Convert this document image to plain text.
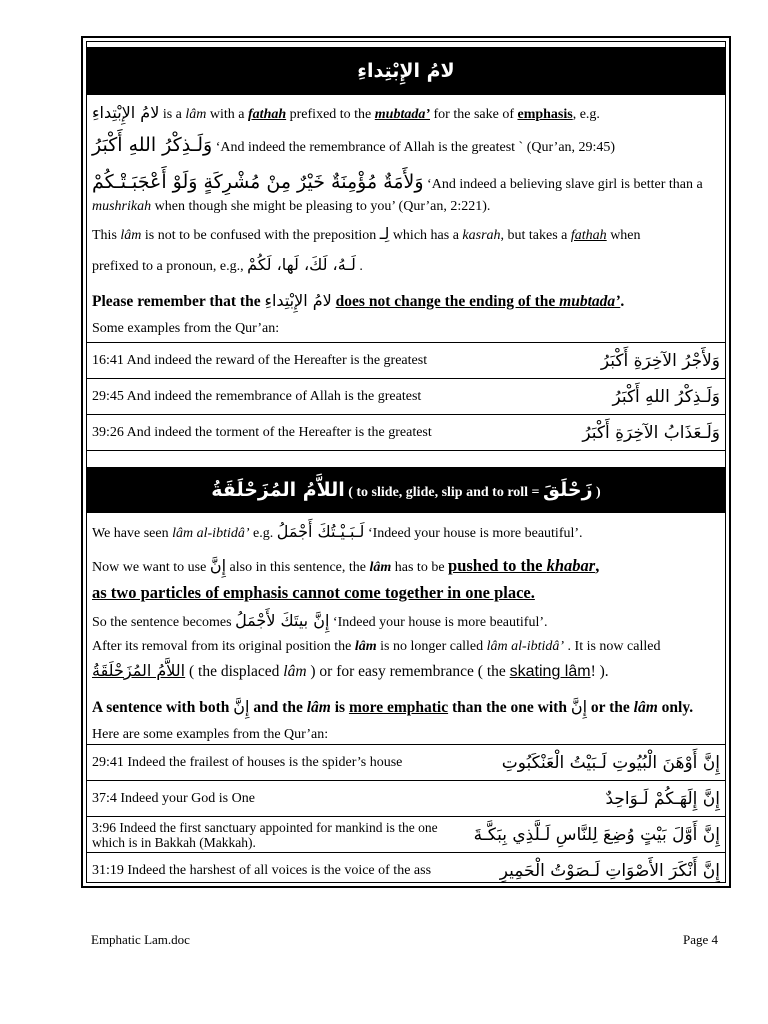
لامُ الإِبْتِداءِ
لامُ الإِبْتِداءِ is a lâm with a fathah prefixed to the mubtada’ for the sake of emphasis, e.g.
وَلَـذِكْرُ اللهِ أَكْبَرُ ‘And indeed the remembrance of Allah is the greatest ` (Qur’an, 29:45)
وَلأَمَةٌ مُؤْمِنَةٌ خَيْرٌ مِنْ مُشْرِكَةٍ وَلَوْ أَعْجَبَـتْـكُمْ ‘And indeed a believing slave girl is better than a
mushrikah when though she might be pleasing to you’ (Qur’an, 2:221).
This lâm is not to be confused with the preposition لِـ which has a kasrah, but takes a fathah when
prefixed to a pronoun, e.g., لَـهُ، لَكَ، لَها، لَكُمْ .
Please remember that the لامُ الإِبْتِداءِ does not change the ending of the mubtada’.
Some examples from the Qur’an:
16:41 And indeed the reward of the Hereafter is the greatest	وَلأَجْرُ الآخِرَةِ أَكْبَرُ
29:45 And indeed the remembrance of Allah is the greatest	وَلَـذِكْرُ اللهِ أَكْبَرُ
39:26 And indeed the torment of the Hereafter is the greatest	وَلَـعَذَابُ الآخِرَةِ أَكْبَرُ
اللاَّمُ المُزَحْلَقَةُ ( to slide, glide, slip and to roll = زَحْلَقَ )
We have seen lâm al-ibtidâ’ e.g. لَـبَـيْـتُكَ أَجْمَلُ ‘Indeed your house is more beautiful’.
Now we want to use إِنَّ also in this sentence, the lâm has to be pushed to the khabar,
as two particles of emphasis cannot come together in one place.
So the sentence becomes إِنَّ بيتَكَ لأَجْمَلُ ‘Indeed your house is more beautiful’.
After its removal from its original position the lâm is no longer called lâm al-ibtidâ’ . It is now called
اللاَّمُ المُزَحْلَقَةُ ( the displaced lâm ) or for easy remembrance ( the skating lâm! ).
A sentence with both إِنَّ and the lâm is more emphatic than the one with إِنَّ or the lâm only.
Here are some examples from the Qur’an:
29:41 Indeed the frailest of houses is the spider’s house	إِنَّ أَوْهَنَ الْبُيُوتِ لَـبَيْتُ الْعَنْكَبُوتِ
37:4 Indeed your God is One	إِنَّ إِلَهَـكُمْ لَـوَاحِدٌ
3:96 Indeed the first sanctuary appointed for mankind is the one which is in Bakkah (Makkah).	إِنَّ أَوَّلَ بَيْتٍ وُضِعَ لِلنَّاسِ لَـلَّذِي بِبَكَّـةَ
31:19 Indeed the harshest of all voices is the voice of the ass	إِنَّ أَنْكَرَ الأَصْوَاتِ لَـصَوْتُ الْحَمِيرِ
Emphatic Lam.doc	Page 4
